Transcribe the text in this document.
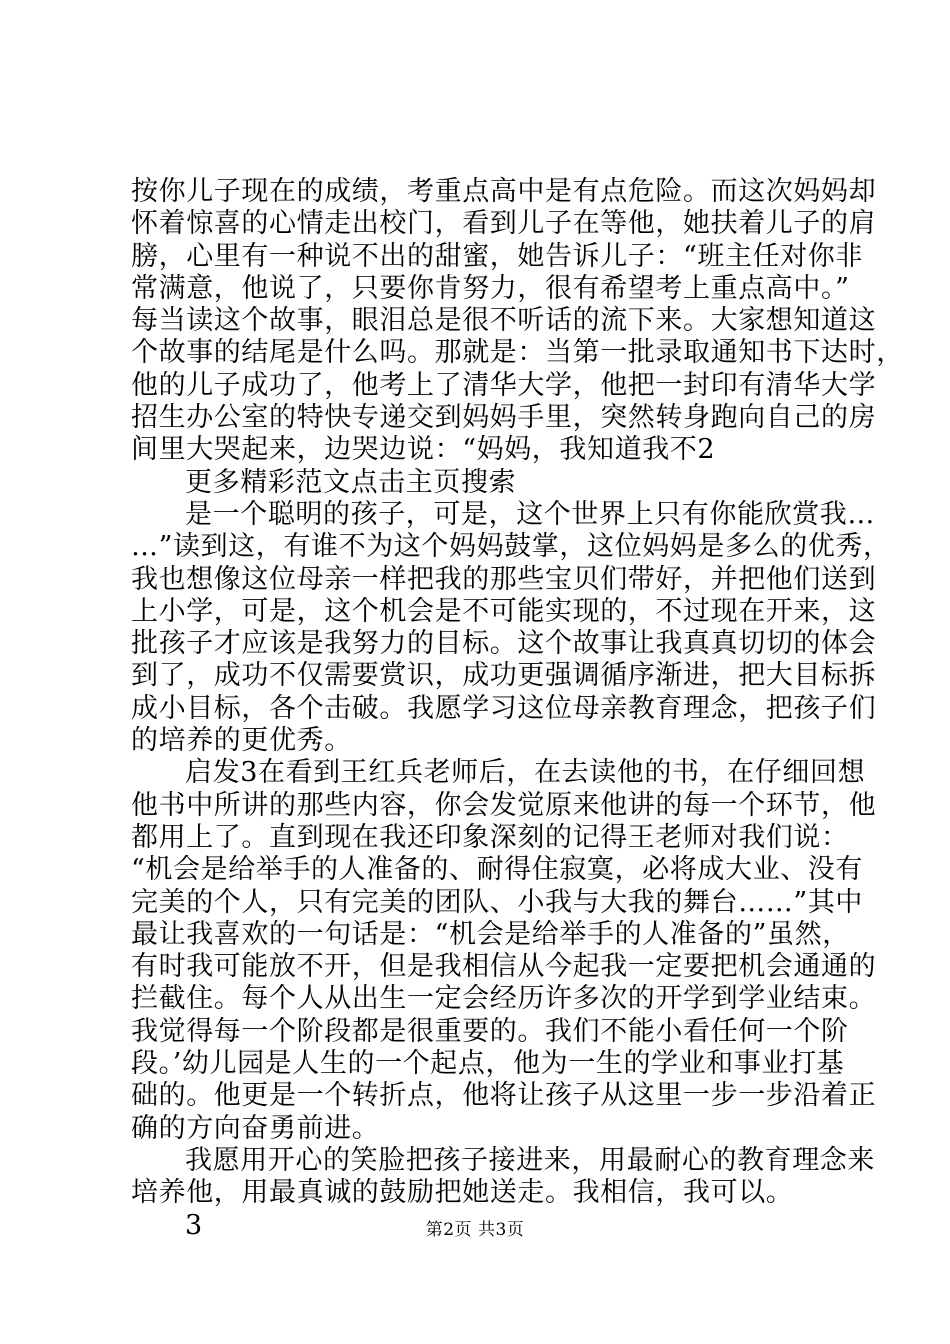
按你儿子现在的成绩，考重点高中是有点危险。而这次妈妈却
怀着惊喜的心情走出校门，看到儿子在等他，她扶着儿子的肩
膀，心里有一种说不出的甜蜜，她告诉儿子：“班主任对你非
常满意，他说了，只要你肯努力，很有希望考上重点高中。”
每当读这个故事，眼泪总是很不听话的流下来。大家想知道这
个故事的结尾是什么吗。那就是：当第一批录取通知书下达时，
他的儿子成功了，他考上了清华大学，他把一封印有清华大学
招生办公室的特快专递交到妈妈手里，突然转身跑向自己的房
间里大哭起来，边哭边说：“妈妈，我知道我不2
更多精彩范文点击主页搜索
是一个聪明的孩子，可是，这个世界上只有你能欣赏我…
…”读到这，有谁不为这个妈妈鼓掌，这位妈妈是多么的优秀，
我也想像这位母亲一样把我的那些宝贝们带好，并把他们送到
上小学，可是，这个机会是不可能实现的，不过现在开来，这
批孩子才应该是我努力的目标。这个故事让我真真切切的体会
到了，成功不仅需要赏识，成功更强调循序渐进，把大目标拆
成小目标，各个击破。我愿学习这位母亲教育理念，把孩子们
的培养的更优秀。
启发3在看到王红兵老师后，在去读他的书，在仔细回想
他书中所讲的那些内容，你会发觉原来他讲的每一个环节，他
都用上了。直到现在我还印象深刻的记得王老师对我们说：
“机会是给举手的人准备的、耐得住寂寞，必将成大业、没有
完美的个人，只有完美的团队、小我与大我的舞台……”其中
最让我喜欢的一句话是：“机会是给举手的人准备的”虽然，
有时我可能放不开，但是我相信从今起我一定要把机会通通的
拦截住。每个人从出生一定会经历许多次的开学到学业结束。
我觉得每一个阶段都是很重要的。我们不能小看任何一个阶
段。’幼儿园是人生的一个起点，他为一生的学业和事业打基
础的。他更是一个转折点，他将让孩子从这里一步一步沿着正
确的方向奋勇前进。
我愿用开心的笑脸把孩子接进来，用最耐心的教育理念来
培养他，用最真诚的鼓励把她送走。我相信，我可以。
3	第2页 共3页
